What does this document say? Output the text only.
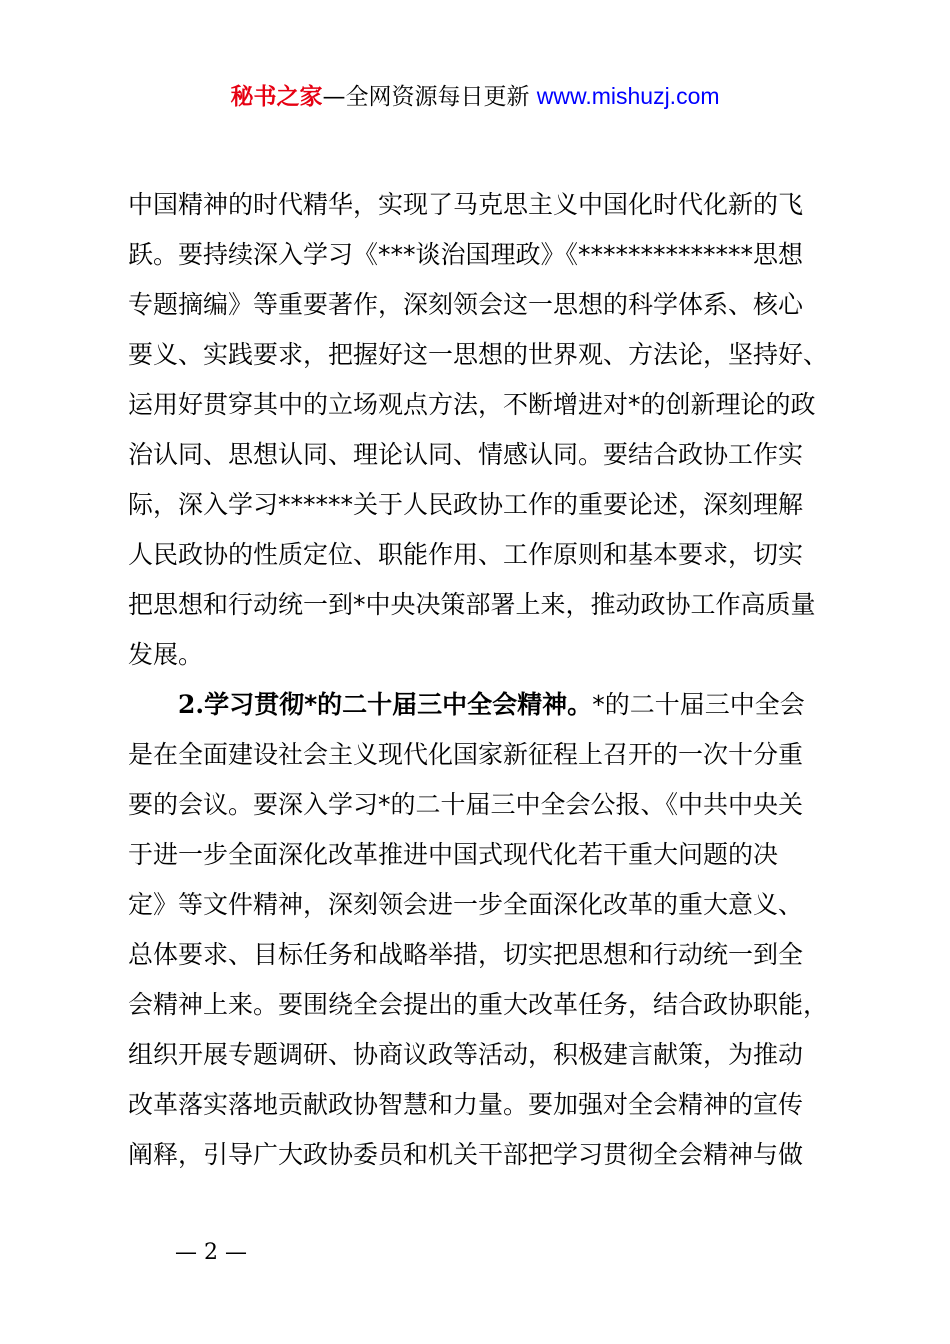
秘书之家—全网资源每日更新 www.mishuzj.com
中国精神的时代精华，实现了马克思主义中国化时代化新的飞
跃。要持续深入学习《***谈治国理政》《**************思想
专题摘编》等重要著作，深刻领会这一思想的科学体系、核心
要义、实践要求，把握好这一思想的世界观、方法论，坚持好、
运用好贯穿其中的立场观点方法，不断增进对*的创新理论的政
治认同、思想认同、理论认同、情感认同。要结合政协工作实
际，深入学习******关于人民政协工作的重要论述，深刻理解
人民政协的性质定位、职能作用、工作原则和基本要求，切实
把思想和行动统一到*中央决策部署上来，推动政协工作高质量
发展。
2.学习贯彻*的二十届三中全会精神。*的二十届三中全会
是在全面建设社会主义现代化国家新征程上召开的一次十分重
要的会议。要深入学习*的二十届三中全会公报、《中共中央关
于进一步全面深化改革推进中国式现代化若干重大问题的决
定》等文件精神，深刻领会进一步全面深化改革的重大意义、
总体要求、目标任务和战略举措，切实把思想和行动统一到全
会精神上来。要围绕全会提出的重大改革任务，结合政协职能，
组织开展专题调研、协商议政等活动，积极建言献策，为推动
改革落实落地贡献政协智慧和力量。要加强对全会精神的宣传
阐释，引导广大政协委员和机关干部把学习贯彻全会精神与做
— 2 —
